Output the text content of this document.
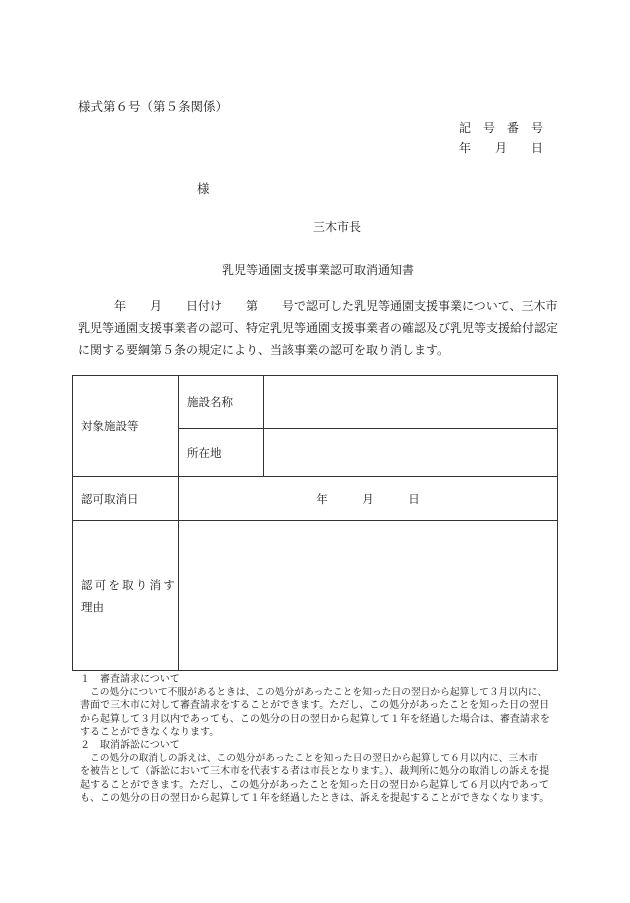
様式第６号（第５条関係）
記　号　番　号
年　　月　　日
様
三木市長
乳児等通園支援事業認可取消通知書

　　　年　　月　　日付け　　第　　号で認可した乳児等通園支援事業について、三木市

乳児等通園支援事業者の認可、特定乳児等通園支援事業者の確認及び乳児等支援給付認定

に関する要綱第５条の規定により、当該事業の認可を取り消します。

対象施設等	施設名称	
	所在地	
認可取消日	年　　　月　　　日	

認可を取り消す
理由		

１　審査請求について

この処分について不服があるときは、この処分があったことを知った日の翌日から起算して３月以内に、

書面で三木市に対して審査請求をすることができます。ただし、この処分があったことを知った日の翌日

から起算して３月以内であっても、この処分の日の翌日から起算して１年を経過した場合は、審査請求を

することができなくなります。

２　取消訴訟について

この処分の取消しの訴えは、この処分があったことを知った日の翌日から起算して６月以内に、三木市

を被告として（訴訟において三木市を代表する者は市長となります。）、裁判所に処分の取消しの訴えを提

起することができます。ただし、この処分があったことを知った日の翌日から起算して６月以内であって

も、この処分の日の翌日から起算して１年を経過したときは、訴えを提起することができなくなります。
